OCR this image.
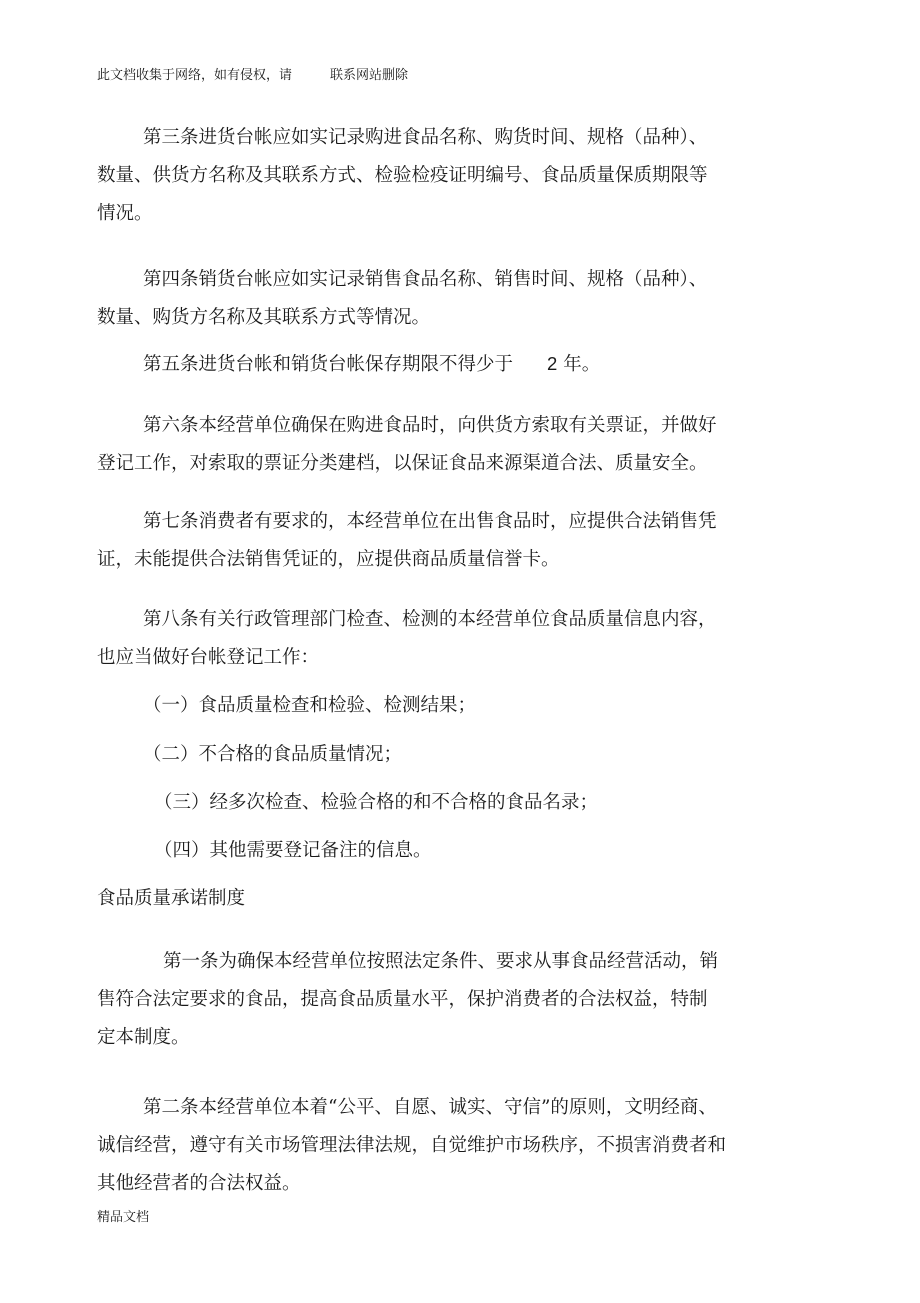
此文档收集于网络，如有侵权，请	联系网站删除

第三条进货台帐应如实记录购进食品名称、购货时间、规格（品种）、
数量、供货方名称及其联系方式、检验检疫证明编号、食品质量保质期限等
情况。

第四条销货台帐应如实记录销售食品名称、销售时间、规格（品种）、
数量、购货方名称及其联系方式等情况。

第五条进货台帐和销货台帐保存期限不得少于 2 年。

第六条本经营单位确保在购进食品时，向供货方索取有关票证，并做好
登记工作，对索取的票证分类建档，以保证食品来源渠道合法、质量安全。

第七条消费者有要求的，本经营单位在出售食品时，应提供合法销售凭
证，未能提供合法销售凭证的，应提供商品质量信誉卡。

第八条有关行政管理部门检查、检测的本经营单位食品质量信息内容，
也应当做好台帐登记工作：

（一）食品质量检查和检验、检测结果；
（二）不合格的食品质量情况；
（三）经多次检查、检验合格的和不合格的食品名录；
（四）其他需要登记备注的信息。
食品质量承诺制度

第一条为确保本经营单位按照法定条件、要求从事食品经营活动，销
售符合法定要求的食品，提高食品质量水平，保护消费者的合法权益，特制
定本制度。

第二条本经营单位本着“公平、自愿、诚实、守信”的原则，文明经商、
诚信经营，遵守有关市场管理法律法规，自觉维护市场秩序，不损害消费者和
其他经营者的合法权益。

精品文档
